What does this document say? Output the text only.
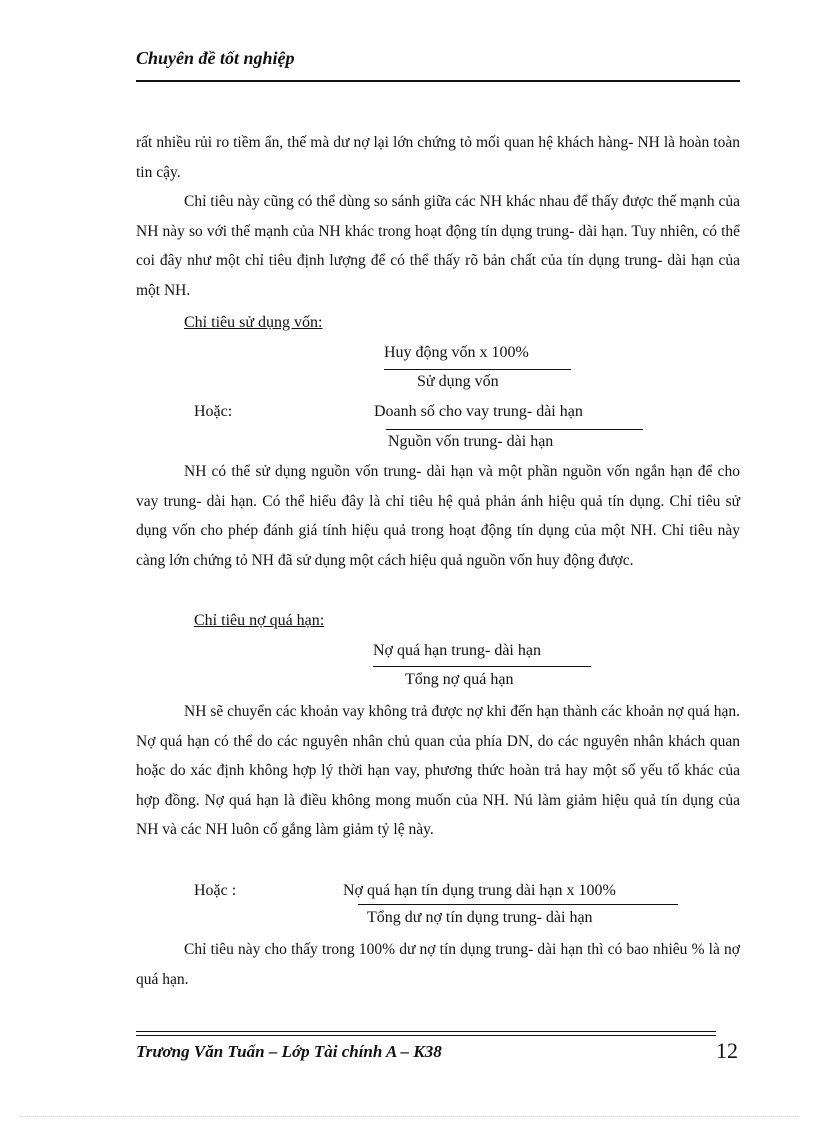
Chuyên đề tốt nghiệp

rất nhiều rủi ro tiềm ẩn, thế mà dư nợ lại lớn chứng tỏ mối quan hệ khách hàng- NH là hoàn toàn tin cậy.

Chỉ tiêu này cũng có thể dùng so sánh giữa các NH khác nhau để thấy được thế mạnh của NH này so với thế mạnh của NH khác trong hoạt động tín dụng trung- dài hạn. Tuy nhiên, có thể coi đây như một chỉ tiêu định lượng để có thể thấy rõ bản chất của tín dụng trung- dài hạn của một NH.

Chỉ tiêu sử dụng vốn:
Huy động vốn x 100%
Sử dụng vốn
Hoặc:	Doanh số cho vay trung- dài hạn
Nguồn vốn trung- dài hạn

NH có thể sử dụng nguồn vốn trung- dài hạn và một phần nguồn vốn ngắn hạn để cho vay trung- dài hạn. Có thể hiểu đây là chỉ tiêu hệ quả phản ánh hiệu quả tín dụng. Chỉ tiêu sử dụng vốn cho phép đánh giá tính hiệu quả trong hoạt động tín dụng của một NH. Chỉ tiêu này càng lớn chứng tỏ NH đã sử dụng một cách hiệu quả nguồn vốn huy động được.

Chỉ tiêu nợ quá hạn:
Nợ quá hạn trung- dài hạn
Tổng nợ quá hạn

NH sẽ chuyển các khoản vay không trả được nợ khi đến hạn thành các khoản nợ quá hạn. Nợ quá hạn có thể do các nguyên nhân chủ quan của phía DN, do các nguyên nhân khách quan hoặc do xác định không hợp lý thời hạn vay, phương thức hoàn trả hay một số yếu tố khác của hợp đồng. Nợ quá hạn là điều không mong muốn của NH. Nú làm giảm hiệu quả tín dụng của NH và các NH luôn cố gắng làm giảm tỷ lệ này.

Hoặc :	Nợ quá hạn tín dụng trung dài hạn x 100%
Tổng dư nợ tín dụng trung- dài hạn

Chỉ tiêu này cho thấy trong 100% dư nợ tín dụng trung- dài hạn thì có bao nhiêu % là nợ quá hạn.

Trương Văn Tuấn – Lớp Tài chính A – K38	12
